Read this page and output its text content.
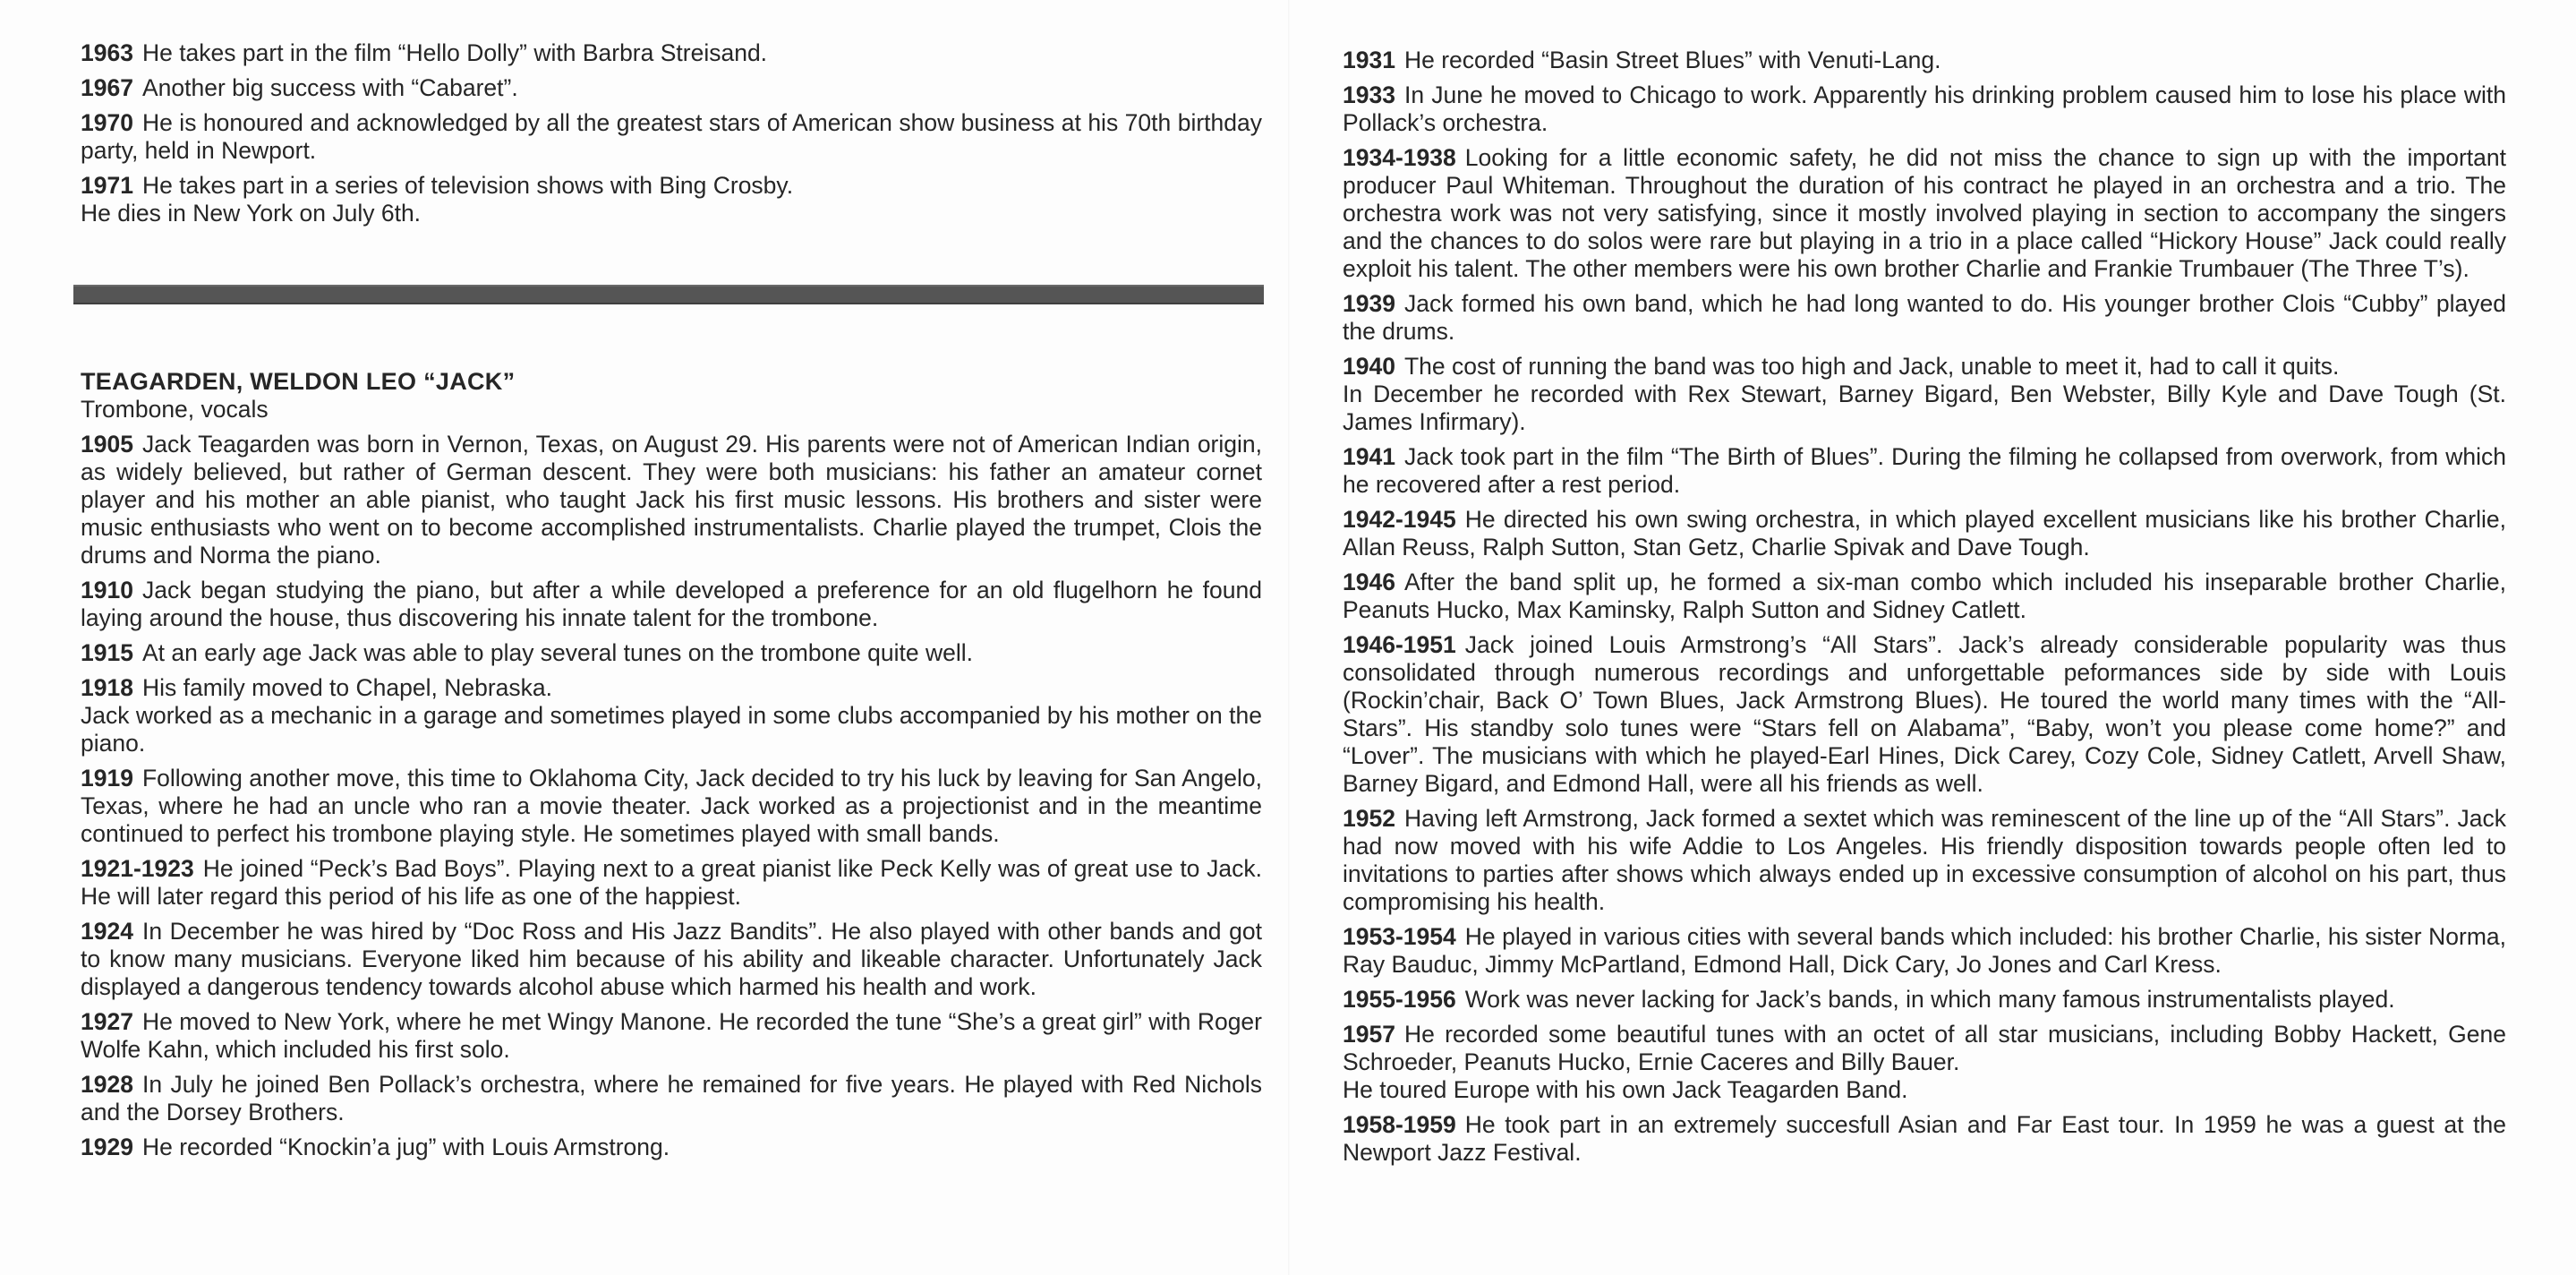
1963 He takes part in the film “Hello Dolly” with Barbra Streisand.

1967 Another big success with “Cabaret”.

1970 He is honoured and acknowledged by all the greatest stars of American show business at his 70th birthday party, held in Newport.

1971 He takes part in a series of television shows with Bing Crosby.
He dies in New York on July 6th.

TEAGARDEN, WELDON LEO “JACK”

Trombone, vocals

1905 Jack Teagarden was born in Vernon, Texas, on August 29. His parents were not of American Indian origin, as widely believed, but rather of German descent. They were both musicians: his father an amateur cornet player and his mother an able pianist, who taught Jack his first music lessons. His brothers and sister were music enthusiasts who went on to become accomplished instrumentalists. Charlie played the trumpet, Clois the drums and Norma the piano.

1910 Jack began studying the piano, but after a while developed a preference for an old flugelhorn he found laying around the house, thus discovering his innate talent for the trombone.

1915 At an early age Jack was able to play several tunes on the trombone quite well.

1918 His family moved to Chapel, Nebraska.
Jack worked as a mechanic in a garage and sometimes played in some clubs accompanied by his mother on the piano.

1919 Following another move, this time to Oklahoma City, Jack decided to try his luck by leaving for San Angelo, Texas, where he had an uncle who ran a movie theater. Jack worked as a projectionist and in the meantime continued to perfect his trombone playing style. He sometimes played with small bands.

1921-1923 He joined “Peck’s Bad Boys”. Playing next to a great pianist like Peck Kelly was of great use to Jack. He will later regard this period of his life as one of the happiest.

1924 In December he was hired by “Doc Ross and His Jazz Bandits”. He also played with other bands and got to know many musicians. Everyone liked him because of his ability and likeable character. Unfortunately Jack displayed a dangerous tendency towards alcohol abuse which harmed his health and work.

1927 He moved to New York, where he met Wingy Manone. He recorded the tune “She’s a great girl” with Roger Wolfe Kahn, which included his first solo.

1928 In July he joined Ben Pollack’s orchestra, where he remained for five years. He played with Red Nichols and the Dorsey Brothers.

1929 He recorded “Knockin’a jug” with Louis Armstrong.

1931 He recorded “Basin Street Blues” with Venuti-Lang.

1933 In June he moved to Chicago to work. Apparently his drinking problem caused him to lose his place with Pollack’s orchestra.

1934-1938 Looking for a little economic safety, he did not miss the chance to sign up with the important producer Paul Whiteman. Throughout the duration of his contract he played in an orchestra and a trio. The orchestra work was not very satisfying, since it mostly involved playing in section to accompany the singers and the chances to do solos were rare but playing in a trio in a place called “Hickory House” Jack could really exploit his talent. The other members were his own brother Charlie and Frankie Trumbauer (The Three T’s).

1939 Jack formed his own band, which he had long wanted to do. His younger brother Clois “Cubby” played the drums.

1940 The cost of running the band was too high and Jack, unable to meet it, had to call it quits.
In December he recorded with Rex Stewart, Barney Bigard, Ben Webster, Billy Kyle and Dave Tough (St. James Infirmary).

1941 Jack took part in the film “The Birth of Blues”. During the filming he collapsed from overwork, from which he recovered after a rest period.

1942-1945 He directed his own swing orchestra, in which played excellent musicians like his brother Charlie, Allan Reuss, Ralph Sutton, Stan Getz, Charlie Spivak and Dave Tough.

1946 After the band split up, he formed a six-man combo which included his inseparable brother Charlie, Peanuts Hucko, Max Kaminsky, Ralph Sutton and Sidney Catlett.

1946-1951 Jack joined Louis Armstrong’s “All Stars”. Jack’s already considerable popularity was thus consolidated through numerous recordings and unforgettable peformances side by side with Louis (Rockin’chair, Back O’ Town Blues, Jack Armstrong Blues). He toured the world many times with the “All-Stars”. His standby solo tunes were “Stars fell on Alabama”, “Baby, won’t you please come home?” and “Lover”. The musicians with which he played-Earl Hines, Dick Carey, Cozy Cole, Sidney Catlett, Arvell Shaw, Barney Bigard, and Edmond Hall, were all his friends as well.

1952 Having left Armstrong, Jack formed a sextet which was reminescent of the line up of the “All Stars”. Jack had now moved with his wife Addie to Los Angeles. His friendly disposition towards people often led to invitations to parties after shows which always ended up in excessive consumption of alcohol on his part, thus compromising his health.

1953-1954 He played in various cities with several bands which included: his brother Charlie, his sister Norma, Ray Bauduc, Jimmy McPartland, Edmond Hall, Dick Cary, Jo Jones and Carl Kress.

1955-1956 Work was never lacking for Jack’s bands, in which many famous instrumentalists played.

1957 He recorded some beautiful tunes with an octet of all star musicians, including Bobby Hackett, Gene Schroeder, Peanuts Hucko, Ernie Caceres and Billy Bauer.
He toured Europe with his own Jack Teagarden Band.

1958-1959 He took part in an extremely succesfull Asian and Far East tour. In 1959 he was a guest at the Newport Jazz Festival.
